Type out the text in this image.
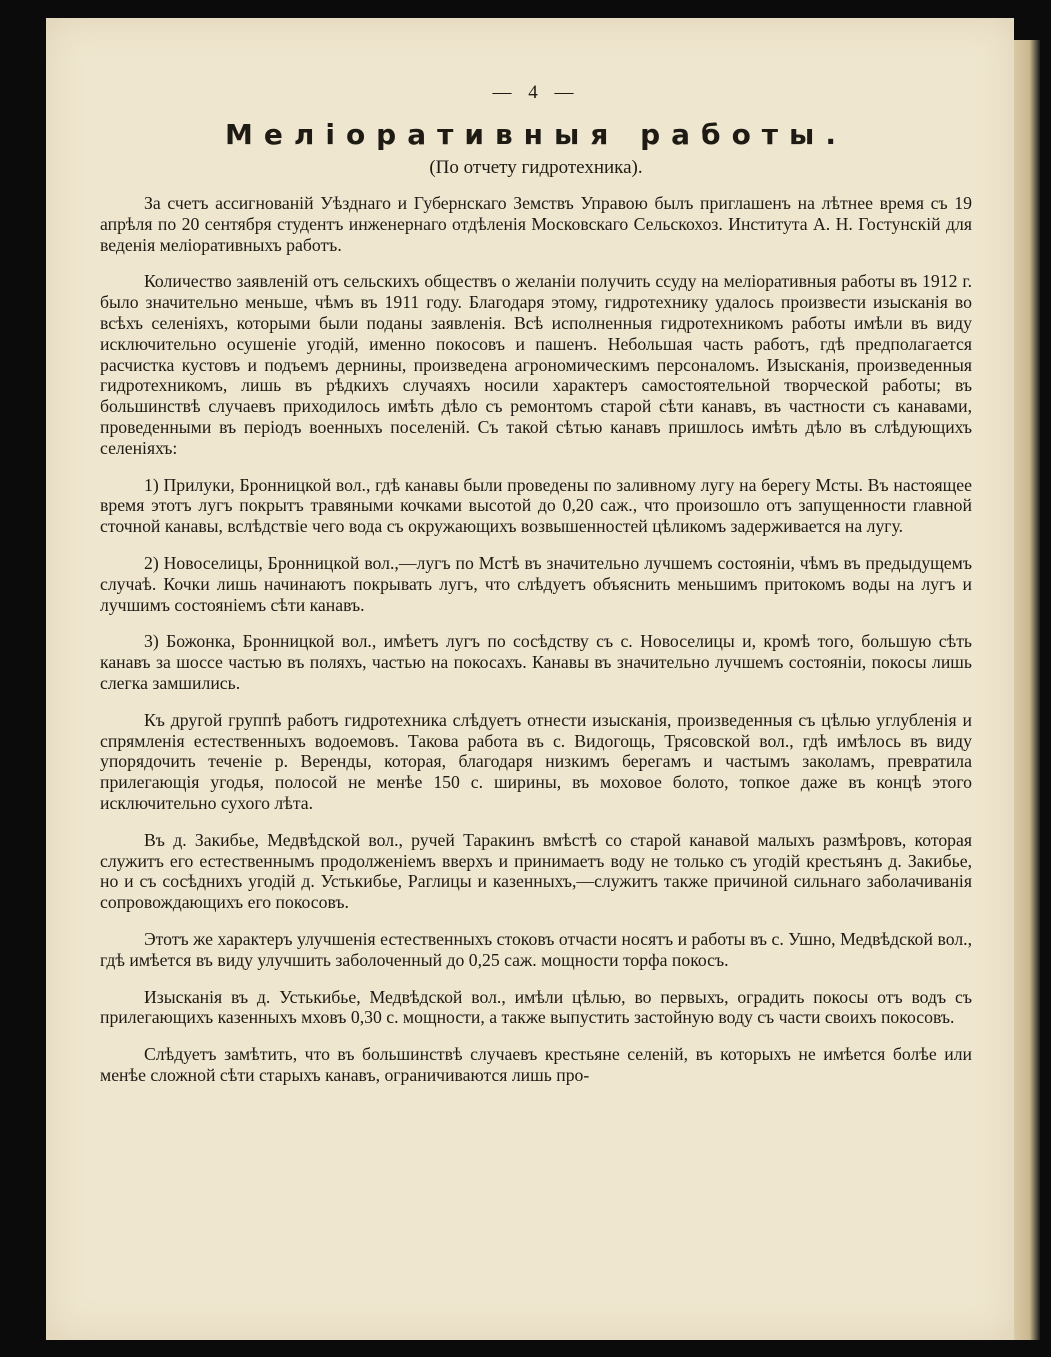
— 4 —
Меліоративныя работы.
(По отчету гидротехника).

За счетъ ассигнованій Уѣзднаго и Губернскаго Земствъ Управою былъ приглашенъ на лѣтнее время съ 19 апрѣля по 20 сентября студентъ инженернаго отдѣленія Московскаго Сельскохоз. Института А. Н. Гостунскій для веденія меліоративныхъ работъ.

Количество заявленій отъ сельскихъ обществъ о желаніи получить ссуду на меліоративныя работы въ 1912 г. было значительно меньше, чѣмъ въ 1911 году. Благодаря этому, гидротехнику удалось произвести изысканія во всѣхъ селеніяхъ, которыми были поданы заявленія. Всѣ исполненныя гидротехникомъ работы имѣли въ виду исключительно осушеніе угодій, именно покосовъ и пашенъ. Небольшая часть работъ, гдѣ предполагается расчистка кустовъ и подъемъ дернины, произведена агрономическимъ персоналомъ. Изысканія, произведенныя гидротехникомъ, лишь въ рѣдкихъ случаяхъ носили характеръ самостоятельной творческой работы; въ большинствѣ случаевъ приходилось имѣть дѣло съ ремонтомъ старой сѣти канавъ, въ частности съ канавами, проведенными въ періодъ военныхъ поселеній. Съ такой сѣтью канавъ пришлось имѣть дѣло въ слѣдующихъ селеніяхъ:

1) Прилуки, Бронницкой вол., гдѣ канавы были проведены по заливному лугу на берегу Мсты. Въ настоящее время этотъ лугъ покрытъ травяными кочками высотой до 0,20 саж., что произошло отъ запущенности главной сточной канавы, вслѣдствіе чего вода съ окружающихъ возвышенностей цѣликомъ задерживается на лугу.

2) Новоселицы, Бронницкой вол.,—лугъ по Мстѣ въ значительно лучшемъ состояніи, чѣмъ въ предыдущемъ случаѣ. Кочки лишь начинаютъ покрывать лугъ, что слѣдуетъ объяснить меньшимъ притокомъ воды на лугъ и лучшимъ состояніемъ сѣти канавъ.

3) Божонка, Бронницкой вол., имѣетъ лугъ по сосѣдству съ с. Новоселицы и, кромѣ того, большую сѣть канавъ за шоссе частью въ поляхъ, частью на покосахъ. Канавы въ значительно лучшемъ состояніи, покосы лишь слегка замшились.

Къ другой группѣ работъ гидротехника слѣдуетъ отнести изысканія, произведенныя съ цѣлью углубленія и спрямленія естественныхъ водоемовъ. Такова работа въ с. Видогощь, Трясовской вол., гдѣ имѣлось въ виду упорядочить теченіе р. Веренды, которая, благодаря низкимъ берегамъ и частымъ заколамъ, превратила прилегающія угодья, полосой не менѣе 150 с. ширины, въ моховое болото, топкое даже въ концѣ этого исключительно сухого лѣта.

Въ д. Закибье, Медвѣдской вол., ручей Таракинъ вмѣстѣ со старой канавой малыхъ размѣровъ, которая служитъ его естественнымъ продолженіемъ вверхъ и принимаетъ воду не только съ угодій крестьянъ д. Закибье, но и съ сосѣднихъ угодій д. Устькибье, Раглицы и казенныхъ,—служитъ также причиной сильнаго заболачиванія сопровождающихъ его покосовъ.

Этотъ же характеръ улучшенія естественныхъ стоковъ отчасти носятъ и работы въ с. Ушно, Медвѣдской вол., гдѣ имѣется въ виду улучшить заболоченный до 0,25 саж. мощности торфа покосъ.

Изысканія въ д. Устькибье, Медвѣдской вол., имѣли цѣлью, во первыхъ, оградить покосы отъ водъ съ прилегающихъ казенныхъ мховъ 0,30 с. мощности, а также выпустить застойную воду съ части своихъ покосовъ.

Слѣдуетъ замѣтить, что въ большинствѣ случаевъ крестьяне селеній, въ которыхъ не имѣется болѣе или менѣе сложной сѣти старыхъ канавъ, ограничиваются лишь про-
